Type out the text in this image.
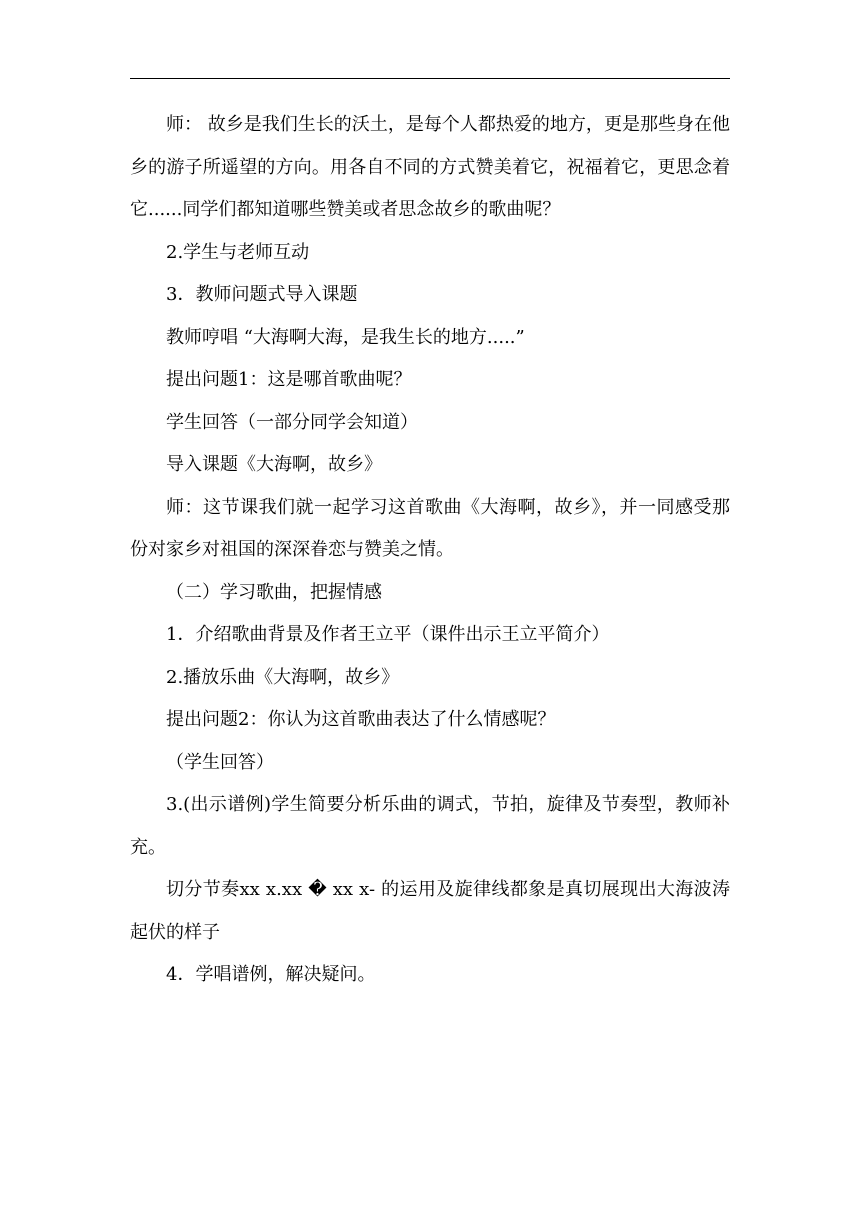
师： 故乡是我们生长的沃土，是每个人都热爱的地方，更是那些身在他乡的游子所遥望的方向。用各自不同的方式赞美着它，祝福着它，更思念着它......同学们都知道哪些赞美或者思念故乡的歌曲呢？

2.学生与老师互动

3．教师问题式导入课题

教师哼唱 “大海啊大海，是我生长的地方.....”

提出问题1：这是哪首歌曲呢？

学生回答（一部分同学会知道）

导入课题《大海啊，故乡》

师：这节课我们就一起学习这首歌曲《大海啊，故乡》，并一同感受那份对家乡对祖国的深深眷恋与赞美之情。

（二）学习歌曲，把握情感

1．介绍歌曲背景及作者王立平（课件出示王立平简介）

2.播放乐曲《大海啊，故乡》

提出问题2：你认为这首歌曲表达了什么情感呢？

（学生回答）

3.(出示谱例)学生简要分析乐曲的调式，节拍，旋律及节奏型，教师补充。

切分节奏xx x.xx � xx x- 的运用及旋律线都象是真切展现出大海波涛起伏的样子

4．学唱谱例，解决疑问。
